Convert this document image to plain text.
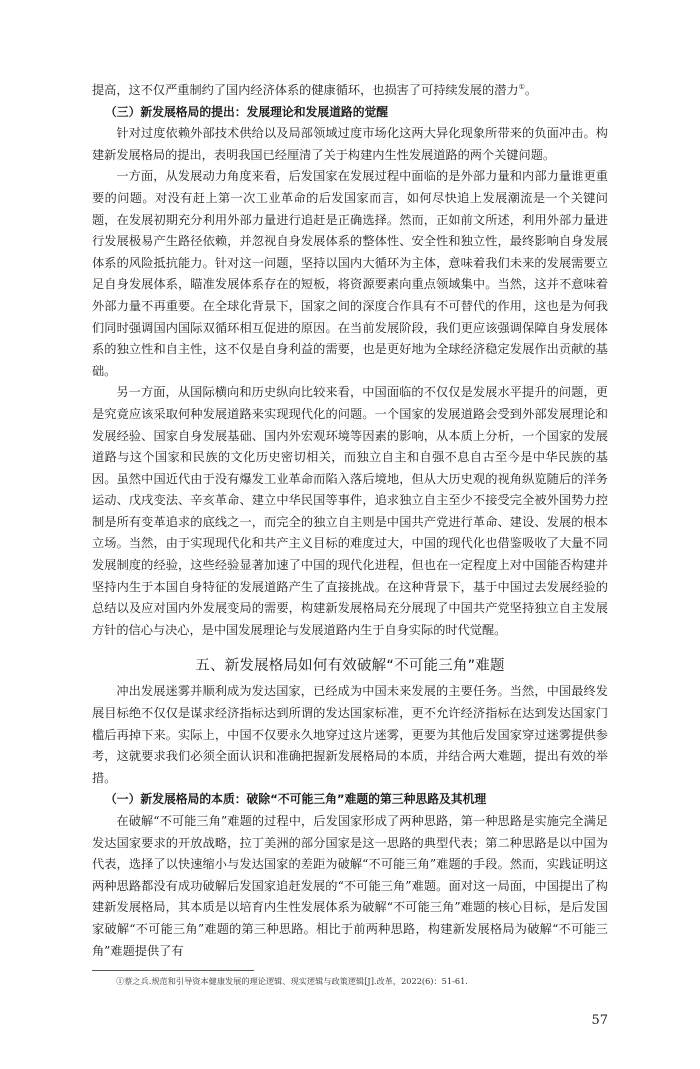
提高，这不仅严重制约了国内经济体系的健康循环，也损害了可持续发展的潜力①。

（三）新发展格局的提出：发展理论和发展道路的觉醒

针对过度依赖外部技术供给以及局部领域过度市场化这两大异化现象所带来的负面冲击。构建新发展格局的提出，表明我国已经厘清了关于构建内生性发展道路的两个关键问题。

一方面，从发展动力角度来看，后发国家在发展过程中面临的是外部力量和内部力量谁更重要的问题。对没有赶上第一次工业革命的后发国家而言，如何尽快追上发展潮流是一个关键问题，在发展初期充分利用外部力量进行追赶是正确选择。然而，正如前文所述，利用外部力量进行发展极易产生路径依赖，并忽视自身发展体系的整体性、安全性和独立性，最终影响自身发展体系的风险抵抗能力。针对这一问题，坚持以国内大循环为主体，意味着我们未来的发展需要立足自身发展体系，瞄准发展体系存在的短板，将资源要素向重点领域集中。当然，这并不意味着外部力量不再重要。在全球化背景下，国家之间的深度合作具有不可替代的作用，这也是为何我们同时强调国内国际双循环相互促进的原因。在当前发展阶段，我们更应该强调保障自身发展体系的独立性和自主性，这不仅是自身利益的需要，也是更好地为全球经济稳定发展作出贡献的基础。

另一方面，从国际横向和历史纵向比较来看，中国面临的不仅仅是发展水平提升的问题，更是究竟应该采取何种发展道路来实现现代化的问题。一个国家的发展道路会受到外部发展理论和发展经验、国家自身发展基础、国内外宏观环境等因素的影响，从本质上分析，一个国家的发展道路与这个国家和民族的文化历史密切相关，而独立自主和自强不息自古至今是中华民族的基因。虽然中国近代由于没有爆发工业革命而陷入落后境地，但从大历史观的视角纵览随后的洋务运动、戊戌变法、辛亥革命、建立中华民国等事件，追求独立自主至少不接受完全被外国势力控制是所有变革追求的底线之一，而完全的独立自主则是中国共产党进行革命、建设、发展的根本立场。当然，由于实现现代化和共产主义目标的难度过大，中国的现代化也借鉴吸收了大量不同发展制度的经验，这些经验显著加速了中国的现代化进程，但也在一定程度上对中国能否构建并坚持内生于本国自身特征的发展道路产生了直接挑战。在这种背景下，基于中国过去发展经验的总结以及应对国内外发展变局的需要，构建新发展格局充分展现了中国共产党坚持独立自主发展方针的信心与决心，是中国发展理论与发展道路内生于自身实际的时代觉醒。

五、新发展格局如何有效破解“不可能三角”难题

冲出发展迷雾并顺利成为发达国家，已经成为中国未来发展的主要任务。当然，中国最终发展目标绝不仅仅是谋求经济指标达到所谓的发达国家标准，更不允许经济指标在达到发达国家门槛后再掉下来。实际上，中国不仅要永久地穿过这片迷雾，更要为其他后发国家穿过迷雾提供参考，这就要求我们必须全面认识和准确把握新发展格局的本质，并结合两大难题，提出有效的举措。

（一）新发展格局的本质：破除“不可能三角”难题的第三种思路及其机理

在破解“不可能三角”难题的过程中，后发国家形成了两种思路，第一种思路是实施完全满足发达国家要求的开放战略，拉丁美洲的部分国家是这一思路的典型代表；第二种思路是以中国为代表，选择了以快速缩小与发达国家的差距为破解“不可能三角”难题的手段。然而，实践证明这两种思路都没有成功破解后发国家追赶发展的“不可能三角”难题。面对这一局面，中国提出了构建新发展格局，其本质是以培育内生性发展体系为破解“不可能三角”难题的核心目标，是后发国家破解“不可能三角”难题的第三种思路。相比于前两种思路，构建新发展格局为破解“不可能三角”难题提供了有

①蔡之兵.规范和引导资本健康发展的理论逻辑、现实逻辑与政策逻辑[J].改革，2022(6)：51-61.
57
